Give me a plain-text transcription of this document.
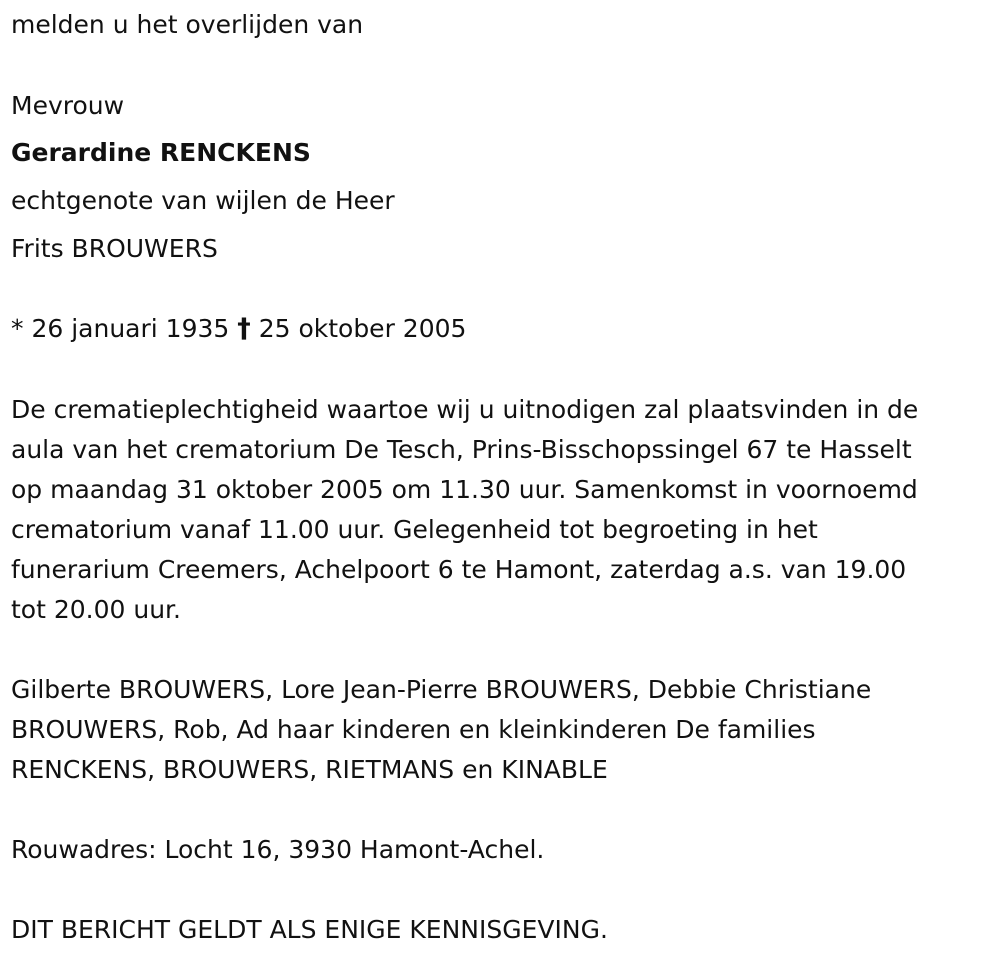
melden u het overlijden van
Mevrouw
Gerardine RENCKENS
echtgenote van wijlen de Heer
Frits BROUWERS
* 26 januari 1935 † 25 oktober 2005
De crematieplechtigheid waartoe wij u uitnodigen zal plaatsvinden in de
aula van het crematorium De Tesch, Prins-Bisschopssingel 67 te Hasselt
op maandag 31 oktober 2005 om 11.30 uur. Samenkomst in voornoemd
crematorium vanaf 11.00 uur. Gelegenheid tot begroeting in het
funerarium Creemers, Achelpoort 6 te Hamont, zaterdag a.s. van 19.00
tot 20.00 uur.
Gilberte BROUWERS, Lore Jean-Pierre BROUWERS, Debbie Christiane
BROUWERS, Rob, Ad haar kinderen en kleinkinderen De families
RENCKENS, BROUWERS, RIETMANS en KINABLE
Rouwadres: Locht 16, 3930 Hamont-Achel.
DIT BERICHT GELDT ALS ENIGE KENNISGEVING.
